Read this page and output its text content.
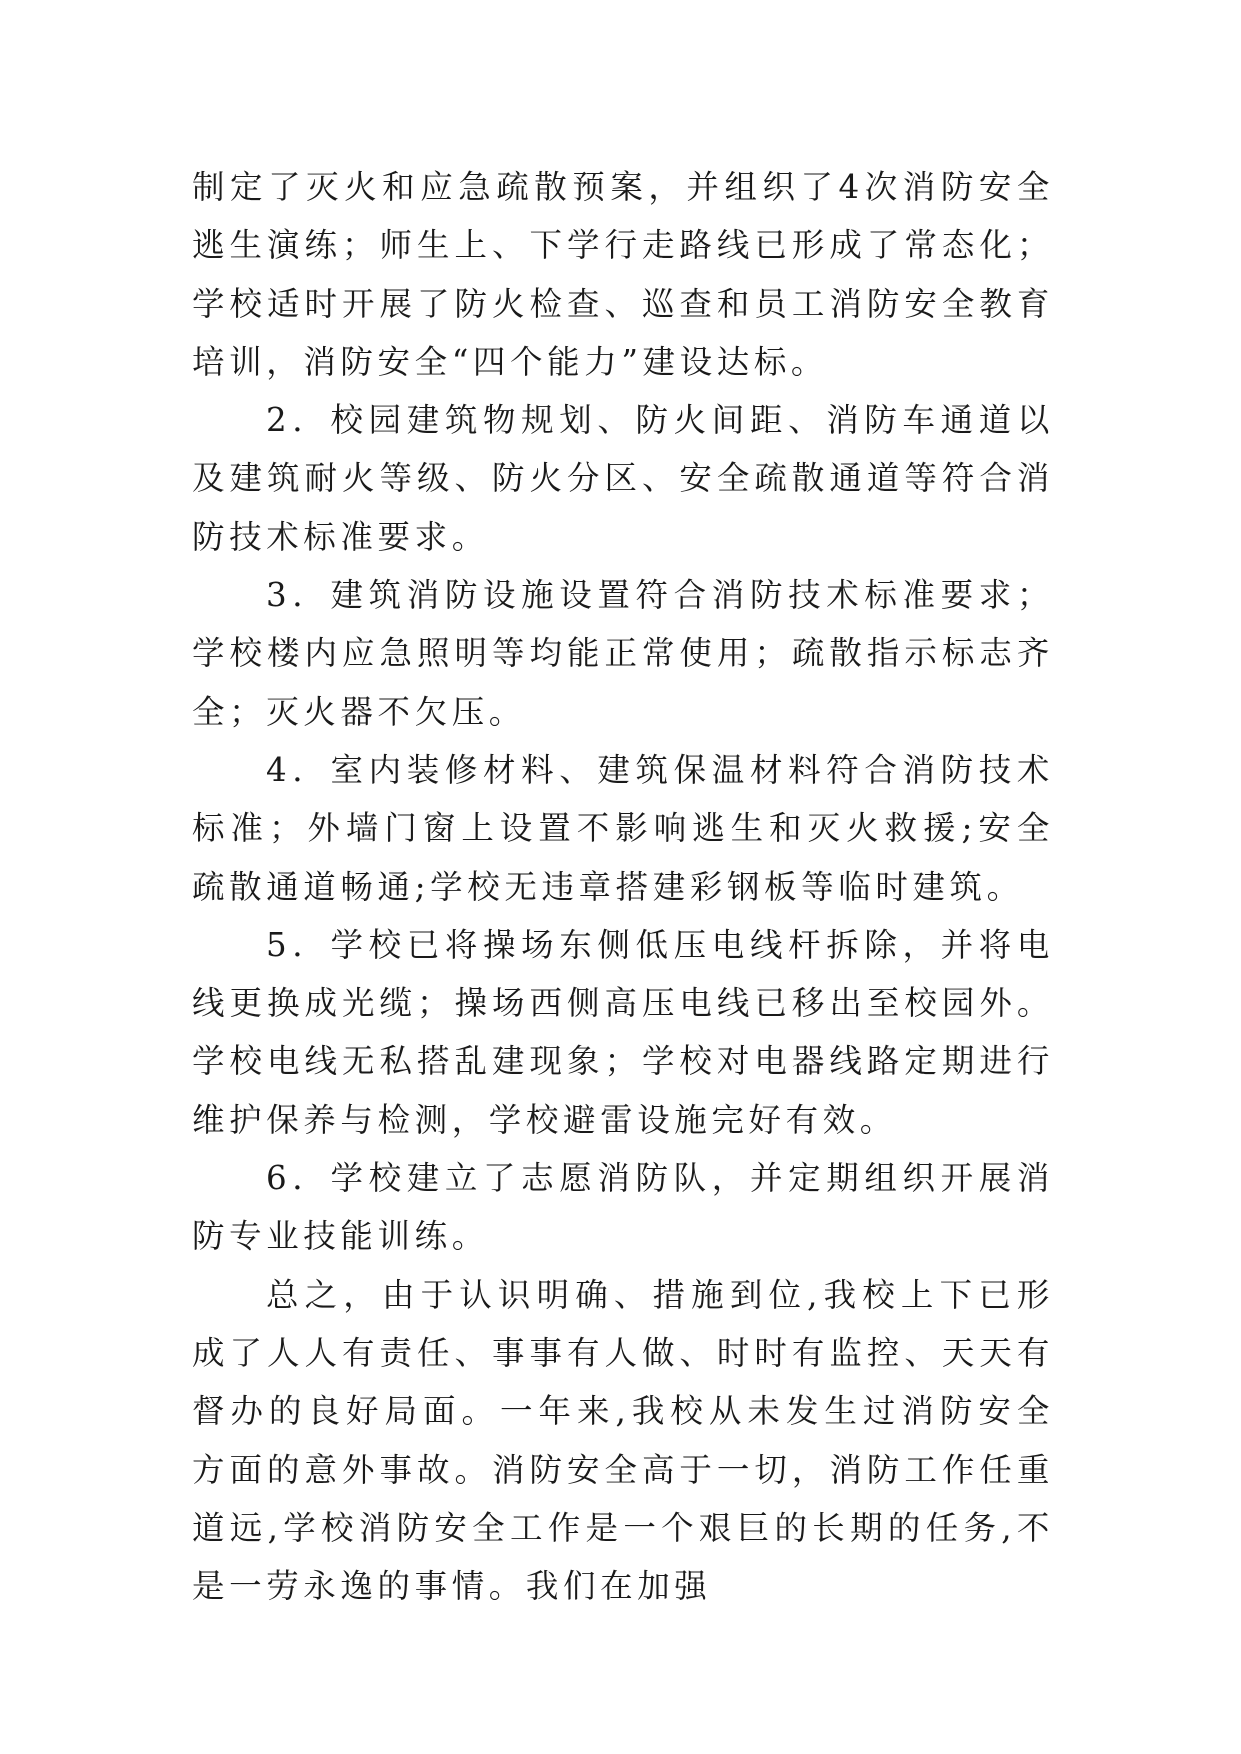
制定了灭火和应急疏散预案，并组织了4次消防安全逃生演练；师生上、下学行走路线已形成了常态化；学校适时开展了防火检查、巡查和员工消防安全教育培训，消防安全“四个能力”建设达标。

2．校园建筑物规划、防火间距、消防车通道以及建筑耐火等级、防火分区、安全疏散通道等符合消防技术标准要求。

3．建筑消防设施设置符合消防技术标准要求；学校楼内应急照明等均能正常使用；疏散指示标志齐全；灭火器不欠压。

4．室内装修材料、建筑保温材料符合消防技术标准；外墙门窗上设置不影响逃生和灭火救援;安全疏散通道畅通;学校无违章搭建彩钢板等临时建筑。

5．学校已将操场东侧低压电线杆拆除，并将电线更换成光缆；操场西侧高压电线已移出至校园外。学校电线无私搭乱建现象；学校对电器线路定期进行维护保养与检测，学校避雷设施完好有效。

6．学校建立了志愿消防队，并定期组织开展消防专业技能训练。

总之，由于认识明确、措施到位,我校上下已形成了人人有责任、事事有人做、时时有监控、天天有督办的良好局面。一年来,我校从未发生过消防安全方面的意外事故。消防安全高于一切，消防工作任重道远,学校消防安全工作是一个艰巨的长期的任务,不是一劳永逸的事情。我们在加强
